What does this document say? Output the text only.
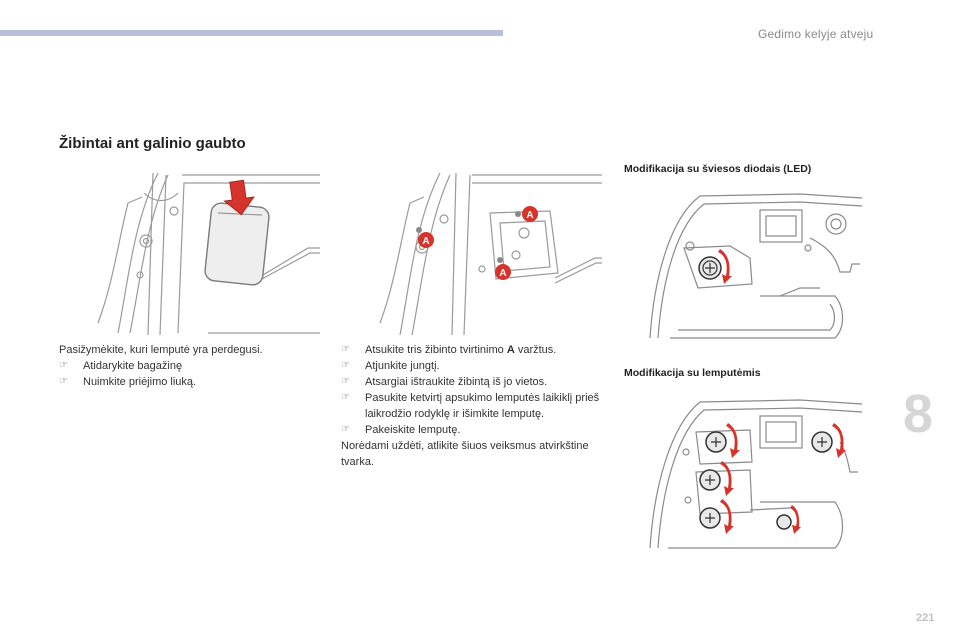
Gedimo kelyje atveju
Žibintai ant galinio gaubto
A
A
A
Modifikacija su šviesos diodais (LED)
Modifikacija su lemputėmis

Pasižymėkite, kuri lemputė yra perdegusi.

☞	Atidarykite bagažinę
☞	Nuimkite priėjimo liuką.
☞	Atsukite tris žibinto tvirtinimo A varžtus.
☞	Atjunkite jungtį.
☞	Atsargiai ištraukite žibintą iš jo vietos.
☞	Pasukite ketvirtį apsukimo lemputės laikiklį prieš laikrodžio rodyklę ir išimkite lemputę.
☞	Pakeiskite lemputę.

Norėdami uždėti, atlikite šiuos veiksmus atvirkštine tvarka.

8
221
